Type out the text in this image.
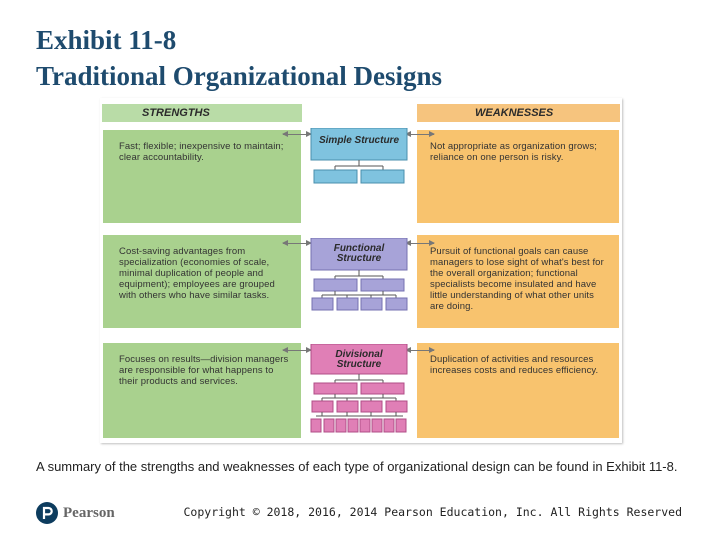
Exhibit 11-8
Traditional Organizational Designs
STRENGTHS	WEAKNESSES
Fast; flexible; inexpensive to maintain; clear accountability.
Not appropriate as organization grows; reliance on one person is risky.
Simple Structure
Cost-saving advantages from specialization (economies of scale, minimal duplication of people and equipment); employees are grouped with others who have similar tasks.
Pursuit of functional goals can cause managers to lose sight of what's best for the overall organization; functional specialists become insulated and have little understanding of what other units are doing.
Functional Structure
Focuses on results—division managers are responsible for what happens to their products and services.
Duplication of activities and resources increases costs and reduces efficiency.
Divisional Structure

A summary of the strengths and weaknesses of each type of organizational design can be found in Exhibit 11-8.

Pearson	Copyright © 2018, 2016, 2014 Pearson Education, Inc. All Rights Reserved
